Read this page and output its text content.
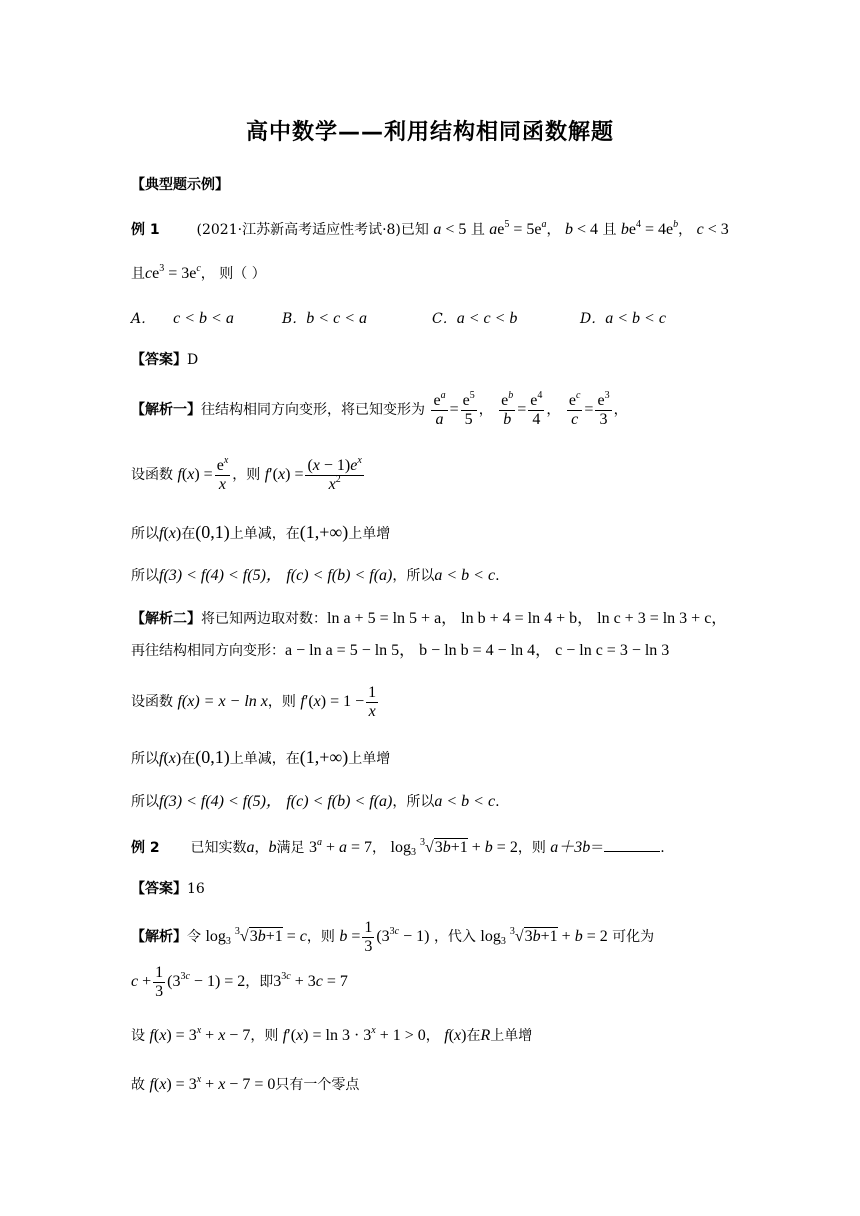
高中数学——利用结构相同函数解题
【典型题示例】
例 1	(2021·江苏新高考适应性考试·8)已知 a < 5 且 $ae^5 = 5e^a$， b < 4 且 $be^4 = 4e^b$， c < 3
且$ce^3 = 3e^c$， 则（ ）
A． c < b < a	B．b < c < a	C．a < c < b	D．a < b < c
【答案】D
【解析一】往结构相同方向变形，将已知变形为 $\frac{e^a}{a} = \frac{e^5}{5}$ ， $\frac{e^b}{b} = \frac{e^4}{4}$ ， $\frac{e^c}{c} = \frac{e^3}{3}$ ，
设函数 $f(x) = \frac{e^x}{x}$ ，则 $f'(x) = \frac{(x - 1)e^x}{x^2}$
所以f(x)在(0,1)上单减，在(1,+∞)上单增
所以f(3) < f(4) < f(5)， f(c) < f(b) < f(a)，所以a < b < c.
【解析二】将已知两边取对数：ln a + 5 = ln 5 + a， ln b + 4 = ln 4 + b， ln c + 3 = ln 3 + c，
再往结构相同方向变形：a − ln a = 5 − ln 5， b − ln b = 4 − ln 4， c − ln c = 3 − ln 3
设函数 f(x) = x − ln x，则 $f'(x) = 1 - \frac{1}{x}$
所以f(x)在(0,1)上单减，在(1,+∞)上单增
所以f(3) < f(4) < f(5)， f(c) < f(b) < f(a)，所以a < b < c.
例 2 已知实数a，b满足 $3^a + a = 7$， $\log_3 ^3√3b+1 + b = 2$，则 a＋3b＝	.
【答案】16
【解析】令 $\log_3 ^3√3b+1 = c$，则 $b = \frac{1}{3} (3^{3c} - 1)$ ，代入 $\log_3 ^3√3b+1 + b = 2$ 可化为
$c + \frac{1}{3} (3^{3c} - 1) = 2$，即$3^{3c} + 3c = 7$
设 $f(x) = 3^x + x - 7$，则 $f'(x) = \ln 3 \cdot 3^x + 1 > 0$， f(x)在R上单增
故 $f(x) = 3^x + x - 7 = 0$只有一个零点
